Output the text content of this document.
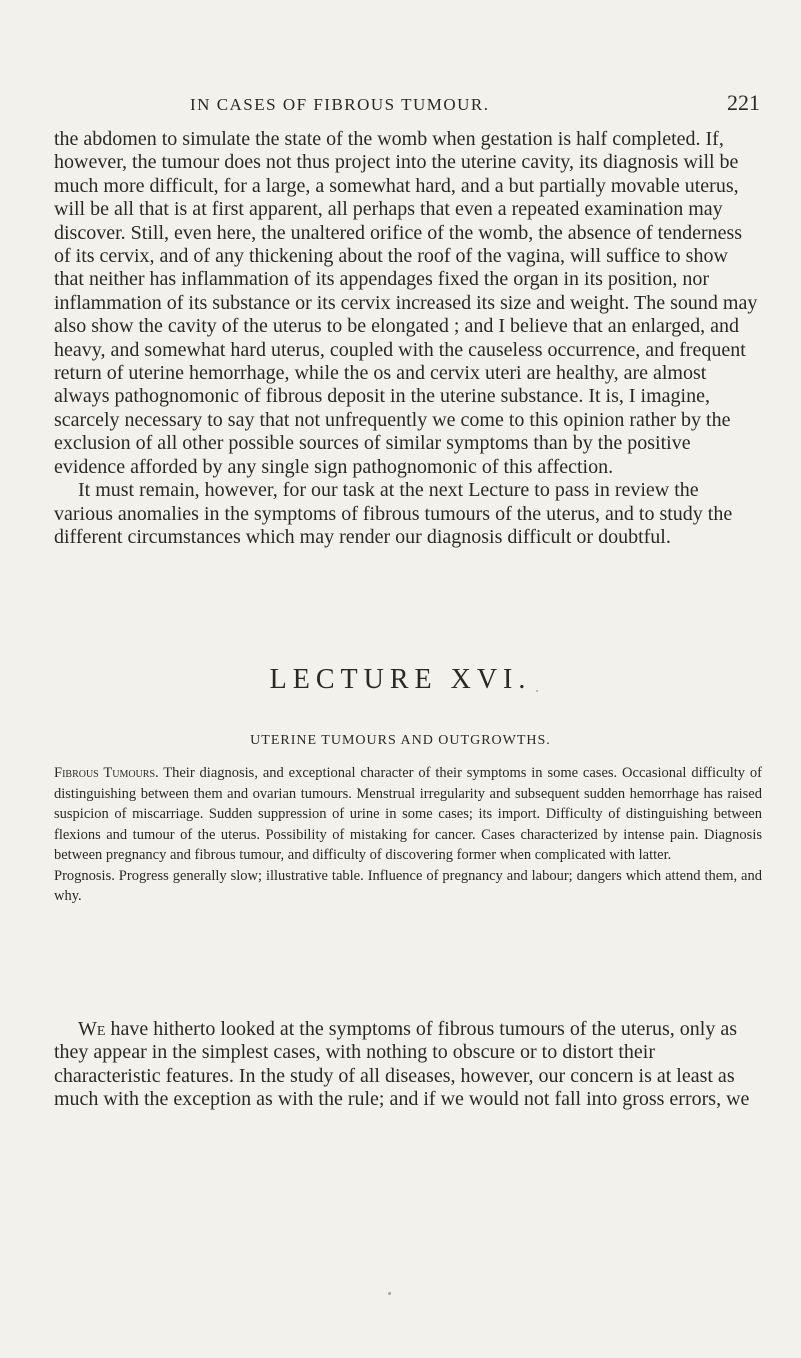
IN CASES OF FIBROUS TUMOUR.	221

the abdomen to simulate the state of the womb when gestation is half completed. If, however, the tumour does not thus project into the uterine cavity, its diagnosis will be much more difficult, for a large, a somewhat hard, and a but partially movable uterus, will be all that is at first apparent, all perhaps that even a repeated examination may discover. Still, even here, the unaltered orifice of the womb, the absence of tenderness of its cervix, and of any thickening about the roof of the vagina, will suffice to show that neither has inflammation of its appendages fixed the organ in its position, nor inflammation of its substance or its cervix increased its size and weight. The sound may also show the cavity of the uterus to be elongated ; and I believe that an enlarged, and heavy, and somewhat hard uterus, coupled with the causeless occurrence, and frequent return of uterine hemorrhage, while the os and cervix uteri are healthy, are almost always pathognomonic of fibrous deposit in the uterine substance. It is, I imagine, scarcely necessary to say that not unfrequently we come to this opinion rather by the exclusion of all other possible sources of similar symptoms than by the positive evidence afforded by any single sign pathognomonic of this affection.

It must remain, however, for our task at the next Lecture to pass in review the various anomalies in the symptoms of fibrous tumours of the uterus, and to study the different circumstances which may render our diagnosis difficult or doubtful.

LECTURE XVI.
UTERINE TUMOURS AND OUTGROWTHS.

Fibrous Tumours. Their diagnosis, and exceptional character of their symptoms in some cases. Occasional difficulty of distinguishing between them and ovarian tumours. Menstrual irregularity and subsequent sudden hemorrhage has raised suspicion of miscarriage. Sudden suppression of urine in some cases; its import. Difficulty of distinguishing between flexions and tumour of the uterus. Possibility of mistaking for cancer. Cases characterized by intense pain. Diagnosis between pregnancy and fibrous tumour, and difficulty of discovering former when complicated with latter.

Prognosis. Progress generally slow; illustrative table. Influence of pregnancy and labour; dangers which attend them, and why.

We have hitherto looked at the symptoms of fibrous tumours of the uterus, only as they appear in the simplest cases, with nothing to obscure or to distort their characteristic features. In the study of all diseases, however, our concern is at least as much with the exception as with the rule; and if we would not fall into gross errors, we
